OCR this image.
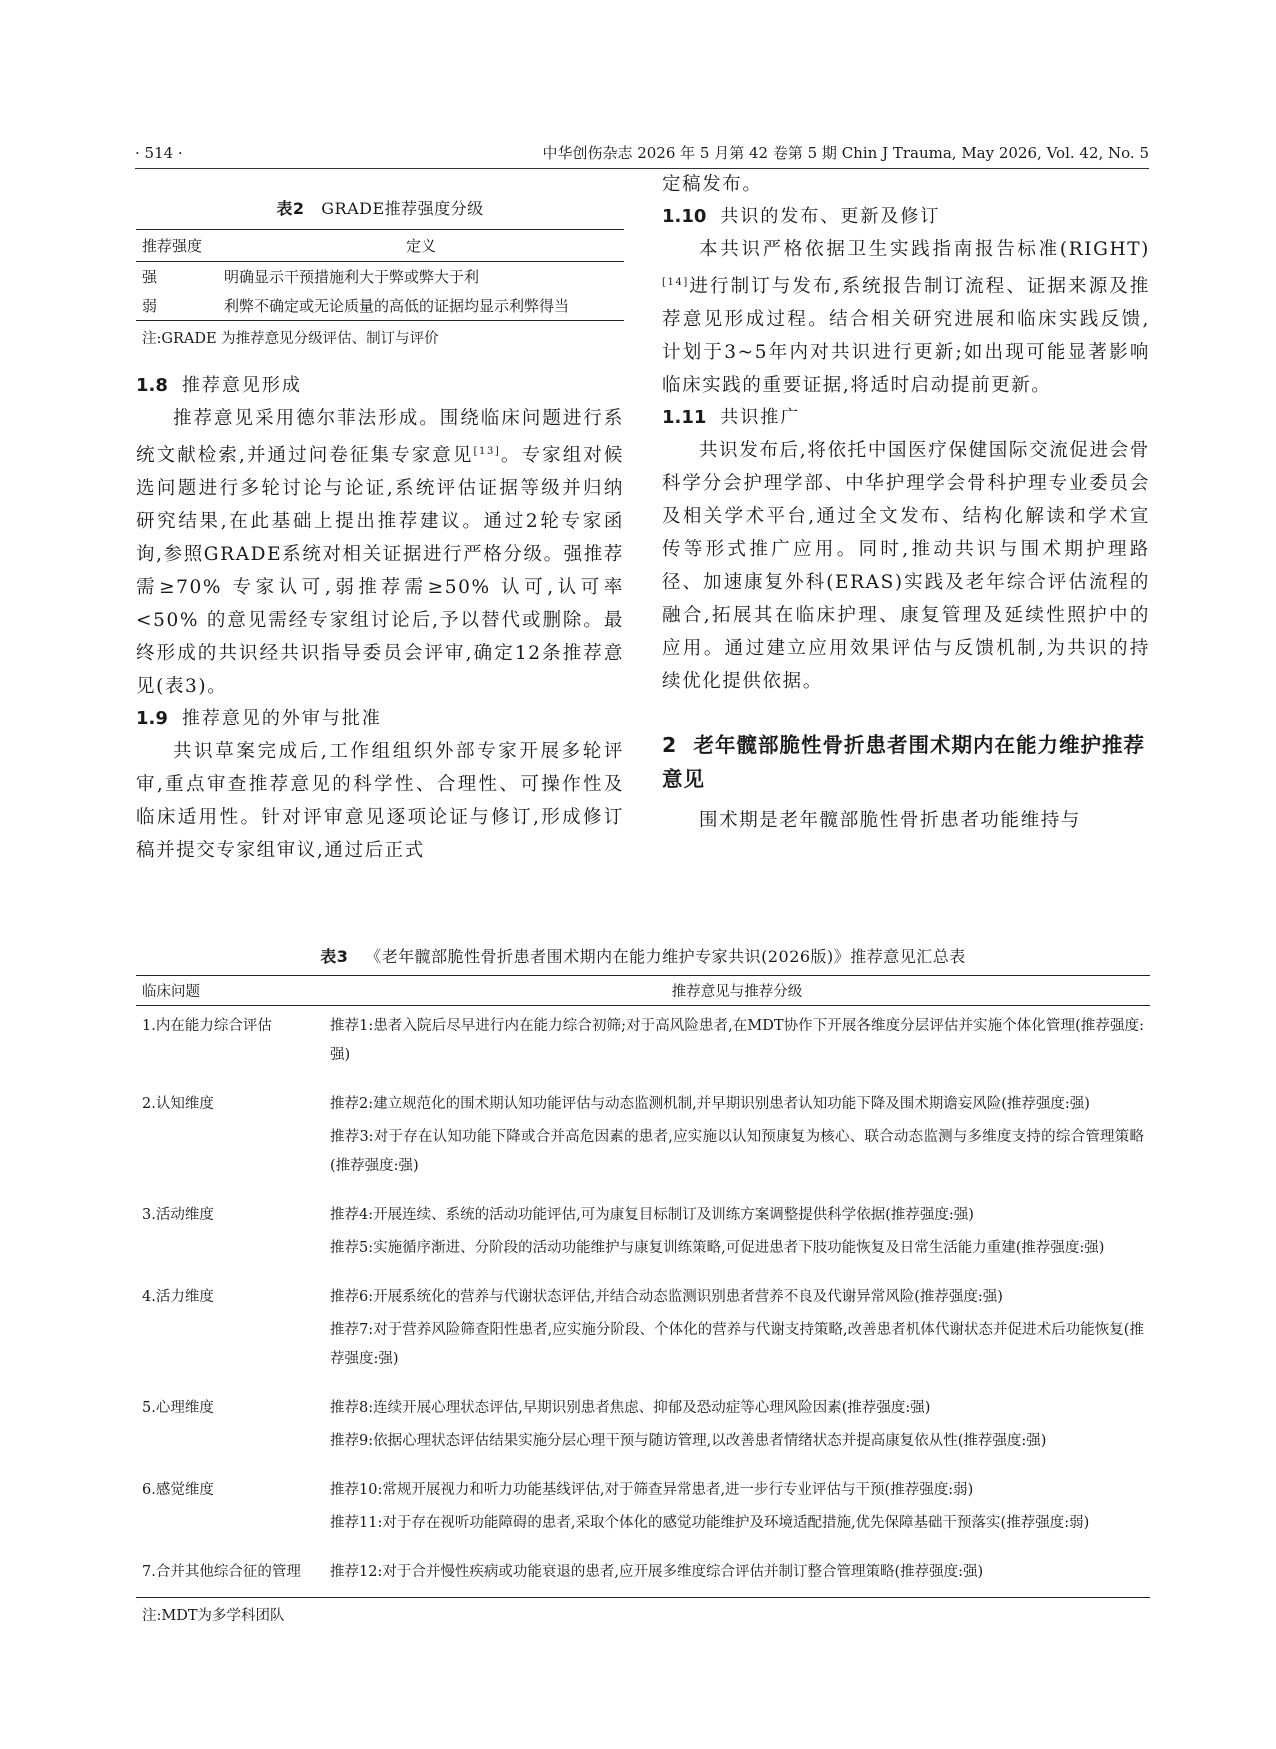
· 514 ·	中华创伤杂志 2026 年 5 月第 42 卷第 5 期 Chin J Trauma, May 2026, Vol. 42, No. 5
表2 GRADE推荐强度分级
推荐强度	定义
强	明确显示干预措施利大于弊或弊大于利
弱	利弊不确定或无论质量的高低的证据均显示利弊得当
注:GRADE 为推荐意见分级评估、制订与评价
1.8 推荐意见形成

推荐意见采用德尔菲法形成。围绕临床问题进行系统文献检索,并通过问卷征集专家意见[13]。专家组对候选问题进行多轮讨论与论证,系统评估证据等级并归纳研究结果,在此基础上提出推荐建议。通过2轮专家函询,参照GRADE系统对相关证据进行严格分级。强推荐需≥70% 专家认可,弱推荐需≥50% 认可,认可率<50% 的意见需经专家组讨论后,予以替代或删除。最终形成的共识经共识指导委员会评审,确定12条推荐意见(表3)。

1.9 推荐意见的外审与批准

共识草案完成后,工作组组织外部专家开展多轮评审,重点审查推荐意见的科学性、合理性、可操作性及临床适用性。针对评审意见逐项论证与修订,形成修订稿并提交专家组审议,通过后正式

定稿发布。

1.10 共识的发布、更新及修订

本共识严格依据卫生实践指南报告标准(RIGHT)[14]进行制订与发布,系统报告制订流程、证据来源及推荐意见形成过程。结合相关研究进展和临床实践反馈,计划于3~5年内对共识进行更新;如出现可能显著影响临床实践的重要证据,将适时启动提前更新。

1.11 共识推广

共识发布后,将依托中国医疗保健国际交流促进会骨科学分会护理学部、中华护理学会骨科护理专业委员会及相关学术平台,通过全文发布、结构化解读和学术宣传等形式推广应用。同时,推动共识与围术期护理路径、加速康复外科(ERAS)实践及老年综合评估流程的融合,拓展其在临床护理、康复管理及延续性照护中的应用。通过建立应用效果评估与反馈机制,为共识的持续优化提供依据。

2 老年髋部脆性骨折患者围术期内在能力维护推荐意见

围术期是老年髋部脆性骨折患者功能维持与

表3 《老年髋部脆性骨折患者围术期内在能力维护专家共识(2026版)》推荐意见汇总表
临床问题	推荐意见与推荐分级
1.内在能力综合评估	推荐1:患者入院后尽早进行内在能力综合初筛;对于高风险患者,在MDT协作下开展各维度分层评估并实施个体化管理(推荐强度:强)

2.认知维度	推荐2:建立规范化的围术期认知功能评估与动态监测机制,并早期识别患者认知功能下降及围术期谵妄风险(推荐强度:强)
推荐3:对于存在认知功能下降或合并高危因素的患者,应实施以认知预康复为核心、联合动态监测与多维度支持的综合管理策略(推荐强度:强)

3.活动维度	推荐4:开展连续、系统的活动功能评估,可为康复目标制订及训练方案调整提供科学依据(推荐强度:强)
推荐5:实施循序渐进、分阶段的活动功能维护与康复训练策略,可促进患者下肢功能恢复及日常生活能力重建(推荐强度:强)

4.活力维度	推荐6:开展系统化的营养与代谢状态评估,并结合动态监测识别患者营养不良及代谢异常风险(推荐强度:强)
推荐7:对于营养风险筛查阳性患者,应实施分阶段、个体化的营养与代谢支持策略,改善患者机体代谢状态并促进术后功能恢复(推荐强度:强)

5.心理维度	推荐8:连续开展心理状态评估,早期识别患者焦虑、抑郁及恐动症等心理风险因素(推荐强度:强)
推荐9:依据心理状态评估结果实施分层心理干预与随访管理,以改善患者情绪状态并提高康复依从性(推荐强度:强)

6.感觉维度	推荐10:常规开展视力和听力功能基线评估,对于筛查异常患者,进一步行专业评估与干预(推荐强度:弱)
推荐11:对于存在视听功能障碍的患者,采取个体化的感觉功能维护及环境适配措施,优先保障基础干预落实(推荐强度:弱)

7.合并其他综合征的管理	推荐12:对于合并慢性疾病或功能衰退的患者,应开展多维度综合评估并制订整合管理策略(推荐强度:强)
注:MDT为多学科团队
